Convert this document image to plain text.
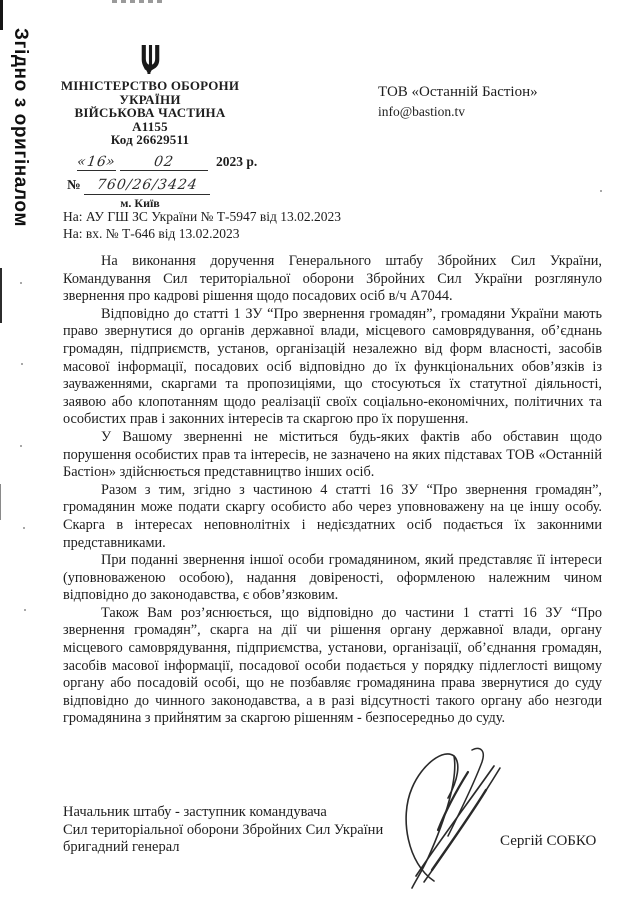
Згідно з оригіналом	МІНІСТЕРСТВО ОБОРОНИ
УКРАЇНИ
ВІЙСЬКОВА ЧАСТИНА
А1155
Код 26629511
«16»	02	2023 р.
№ 760/26/3424
м. Київ
ТОВ «Останній Бастіон»
info@bastion.tv
На: АУ ГШ ЗС України № Т-5947 від 13.02.2023
На: вх. № Т-646 від 13.02.2023

На виконання доручення Генерального штабу Збройних Сил України, Командування Сил територіальної оборони Збройних Сил України розглянуло звернення про кадрові рішення щодо посадових осіб в/ч А7044.

Відповідно до статті 1 ЗУ “Про звернення громадян”, громадяни України мають право звернутися до органів державної влади, місцевого самоврядування, об’єднань громадян, підприємств, установ, організацій незалежно від форм власності, засобів масової інформації, посадових осіб відповідно до їх функціональних обов’язків із зауваженнями, скаргами та пропозиціями, що стосуються їх статутної діяльності, заявою або клопотанням щодо реалізації своїх соціально-економічних, політичних та особистих прав і законних інтересів та скаргою про їх порушення.

У Вашому зверненні не міститься будь-яких фактів або обставин щодо порушення особистих прав та інтересів, не зазначено на яких підставах ТОВ «Останній Бастіон» здійснюється представництво інших осіб.

Разом з тим, згідно з частиною 4 статті 16 ЗУ “Про звернення громадян”, громадянин може подати скаргу особисто або через уповноважену на це іншу особу. Скарга в інтересах неповнолітніх і недієздатних осіб подається їх законними представниками.

При поданні звернення іншої особи громадянином, який представляє її інтереси (уповноваженою особою), надання довіреності, оформленою належним чином відповідно до законодавства, є обов’язковим.

Також Вам роз’яснюється, що відповідно до частини 1 статті 16 ЗУ “Про звернення громадян”, скарга на дії чи рішення органу державної влади, органу місцевого самоврядування, підприємства, установи, організації, об’єднання громадян, засобів масової інформації, посадової особи подається у порядку підлеглості вищому органу або посадовій особі, що не позбавляє громадянина права звернутися до суду відповідно до чинного законодавства, а в разі відсутності такого органу або незгоди громадянина з прийнятим за скаргою рішенням - безпосередньо до суду.

Начальник штабу - заступник командувача
Сил територіальної оборони Збройних Сил України
бригадний генерал	Сергій СОБКО
